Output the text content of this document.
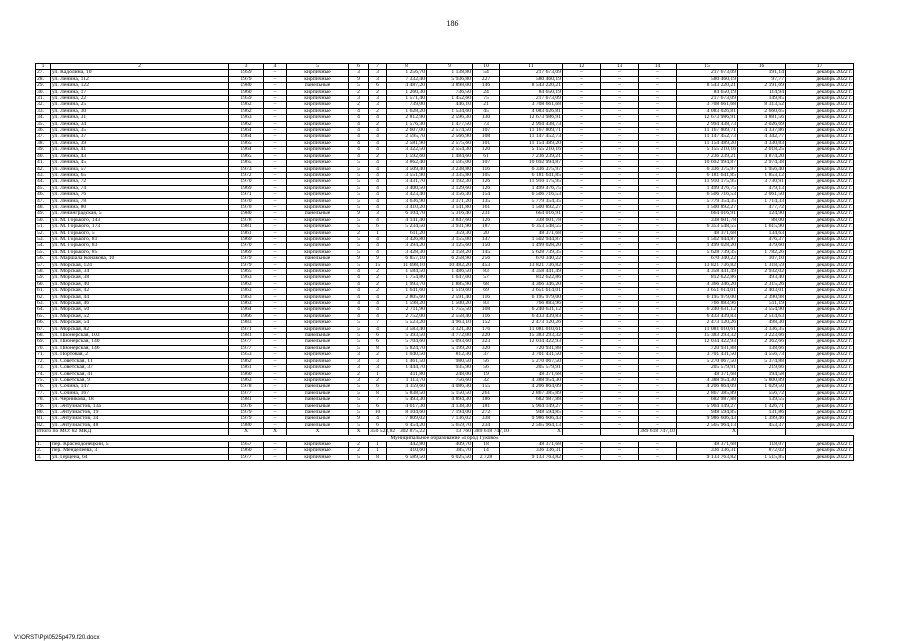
186
1	2	3	4	5	6	7	8	9	10	11	12	13	14	15	16	17
27.	ул. Кадолина, 10	1959	–	кирпичные	3	3	1 256,70	1 138,80	54	217 673,09	–	–	–	217 673,09	191,14	декабрь 2022 г.
28.	ул. Ленина, 112	1979	–	кирпичные	9	3	7 332,40	5 936,80	227	580 460,19	–	–	–	580 460,19	97,77	декабрь 2022 г.
29.	ул. Ленина, 122	1980	–	панельные	5	6	4 487,20	3 898,00	146	8 543 220,21	–	–	–	8 543 220,21	2 191,69	декабрь 2022 г.
30.	ул. Ленина, 17	1960	–	кирпичные	2	2	1 260,30	736,50	24	84 650,19	–	–	–	84 650,19	114,94	декабрь 2022 г.
31.	ул. Ленина, 22	1959	–	кирпичные	3	3	1 571,40	1 452,60	75	217 673,09	–	–	–	217 673,09	149,85	декабрь 2022 г.
32.	ул. Ленина, 25	1962	–	кирпичные	2	3	739,00	446,10	21	3 708 661,68	–	–	–	3 708 661,68	8 313,52	декабрь 2022 г.
33.	ул. Ленина, 30	1962	–	кирпичные	4	2	1 628,20	1 534,60	45	4 083 026,81	–	–	–	4 083 026,81	2 660,65	декабрь 2022 г.
34.	ул. Ленина, 31	1963	–	кирпичные	4	4	2 812,90	2 596,30	130	12 673 986,91	–	–	–	12 673 986,91	4 881,56	декабрь 2022 г.
35.	ул. Ленина, 34	1962	–	кирпичные	4	2	1 576,30	1 477,50	73	2 994 438,73	–	–	–	2 994 438,73	2 026,69	декабрь 2022 г.
36.	ул. Ленина, 35	1964	–	кирпичные	4	4	2 607,00	2 574,50	107	11 167 809,71	–	–	–	11 167 809,71	4 337,86	декабрь 2022 г.
37.	ул. Ленина, 37	1964	–	кирпичные	4	4	2 595,70	2 566,90	108	11 147 452,73	–	–	–	11 147 452,73	4 342,77	декабрь 2022 г.
38.	ул. Ленина, 39	1965	–	кирпичные	4	4	2 581,90	2 575,60	101	11 154 489,20	–	–	–	11 154 489,20	4 330,83	декабрь 2022 г.
39.	ул. Ленина, 41	1964	–	кирпичные	4	4	3 322,50	2 554,30	120	5 155 210,16	–	–	–	5 155 210,16	2 018,25	декабрь 2022 г.
40.	ул. Ленина, 43	1965	–	кирпичные	4	2	1 592,60	1 484,60	61	7 236 239,21	–	–	–	7 236 239,21	4 874,20	декабрь 2022 г.
41.	ул. Ленина, 45	1965	–	кирпичные	5	4	3 862,40	3 595,00	107	10 692 994,87	–	–	–	10 692 994,87	2 974,38	декабрь 2022 г.
42.	ул. Ленина, 57	1973	–	кирпичные	5	4	3 509,40	3 238,80	116	6 336 375,97	–	–	–	6 336 375,97	1 956,40	декабрь 2022 г.
43.	ул. Ленина, 65	1972	–	кирпичные	5	4	3 551,90	3 335,80	105	6 181 641,85	–	–	–	6 181 641,85	1 853,12	декабрь 2022 г.
44.	ул. Ленина, 72	1970	–	кирпичные	5	4	3 431,70	3 192,30	126	11 910 175,95	–	–	–	11 910 175,95	3 730,91	декабрь 2022 г.
45.	ул. Ленина, 74	1969	–	кирпичные	5	4	3 400,50	3 129,60	126	1 499 476,75	–	–	–	1 499 476,75	479,13	декабрь 2022 г.
46.	ул. Ленина, 76	1971	–	кирпичные	5	4	3 423,40	3 156,30	154	6 506 716,53	–	–	–	6 506 716,53	2 061,50	декабрь 2022 г.
47.	ул. Ленина, 78	1970	–	кирпичные	5	4	3 636,90	3 371,20	135	5 779 354,35	–	–	–	5 779 354,35	1 714,33	декабрь 2022 г.
48.	ул. Ленина, 80	1970	–	кирпичные	5	4	3 410,20	3 141,80	161	1 500 892,27	–	–	–	1 500 892,27	477,72	декабрь 2022 г.
49.	ул. Ленинградская, 5	1980	–	панельные	9	3	6 104,70	5 316,40	231	664 016,91	–	–	–	664 016,91	124,90	декабрь 2022 г.
50.	ул. М. Горького, 143	1978	–	кирпичные	5	4	4 141,40	3 847,60	126	338 601,78	–	–	–	338 601,78	88,00	декабрь 2022 г.
51.	ул. М. Горького, 173	1981	–	кирпичные	5	6	5 234,50	3 931,90	187	6 353 548,55	–	–	–	6 353 548,55	1 615,90	декабрь 2022 г.
52.	ул. М. Горького, 5	1961	–	кирпичные	2	1	611,20	359,30	20	48 371,68	–	–	–	48 371,68	134,63	декабрь 2022 г.
53.	ул. М. Горького, 81	1969	–	кирпичные	5	4	3 426,80	3 155,00	147	1 502 944,87	–	–	–	1 502 944,87	476,37	декабрь 2022 г.
54.	ул. М. Горького, 83	1970	–	кирпичные	5	4	3 394,20	3 125,60	150	1 499 028,20	–	–	–	1 499 028,20	479,60	декабрь 2022 г.
55.	ул. М. Горького, 85	1969	–	кирпичные	5	4	3 428,30	3 158,20	145	5 628 739,35	–	–	–	5 628 739,35	1 782,26	декабрь 2022 г.
56.	ул. Маршала Конакова, 10	1979	–	панельные	9	9	6 857,10	6 258,90	256	670 340,22	–	–	–	670 340,22	107,10	декабрь 2022 г.
57.	ул. Морская, 124	1979	–	кирпичные	5	15	11 698,10	10 482,20	453	13 821 736,82	–	–	–	13 821 736,82	1 318,59	декабрь 2022 г.
58.	ул. Морская, 34	1965	–	кирпичные	4	2	1 584,50	1 486,50	83	4 358 441,49	–	–	–	4 358 441,49	2 932,02	декабрь 2022 г.
59.	ул. Морская, 38	1963	–	кирпичные	4	2	1 754,80	1 647,00	57	812 622,86	–	–	–	812 622,86	493,40	декабрь 2022 г.
60.	ул. Морская, 40	1963	–	кирпичные	4	2	1 993,70	1 885,90	68	4 366 346,20	–	–	–	4 366 346,20	2 315,26	декабрь 2022 г.
61.	ул. Морская, 42	1963	–	кирпичные	4	2	1 641,60	1 519,60	69	3 651 614,01	–	–	–	3 651 614,01	2 403,01	декабрь 2022 г.
62.	ул. Морская, 44	1963	–	кирпичные	4	4	2 805,60	2 591,40	116	6 195 979,00	–	–	–	6 195 979,00	2 390,98	декабрь 2022 г.
63.	ул. Морская, 46	1963	–	кирпичные	4	4	1 598,20	1 500,20	83	766 883,96	–	–	–	766 883,96	511,19	декабрь 2022 г.
64.	ул. Морская, 50	1964	–	кирпичные	4	4	2 711,90	1 755,50	108	6 240 631,12	–	–	–	6 240 631,12	3 554,90	декабрь 2022 г.
65.	ул. Морская, 52	1966	–	кирпичные	4	4	2 752,00	2 558,40	116	6 433 439,83	–	–	–	6 433 439,83	2 514,63	декабрь 2022 г.
66.	ул. Морская, 54	1983	–	кирпичные	5	7	5 523,20	4 963,10	152	2 473 120,26	–	–	–	2 473 120,26	498,30	декабрь 2022 г.
67.	ул. Морская, 82	1971	–	кирпичные	5	4	3 583,40	3 321,30	176	11 081 010,61	–	–	–	11 081 010,61	3 336,35	декабрь 2022 г.
68.	ул. Пионерская, 103	1981	–	панельные	5	6	5 393,50	4 772,00	220	15 383 293,32	–	–	–	15 383 293,32	3 223,66	декабрь 2022 г.
69.	ул. Пионерская, 140	1977	–	панельные	5	6	5 704,60	5 093,60	323	12 034 422,93	–	–	–	12 034 422,93	2 362,66	декабрь 2022 г.
70.	ул. Пионерская, 146	1977	–	панельные	5	8	5 824,70	5 199,20	320	720 931,88	–	–	–	720 931,88	138,66	декабрь 2022 г.
71.	ул. Портовая, 2	1953	–	кирпичные	3	2	1 040,50	812,30	37	3 701 431,50	–	–	–	3 701 431,50	4 556,73	декабрь 2022 г.
72.	ул. Советская, 11	1962	–	кирпичные	3	3	1 461,50	980,50	56	5 270 067,50	–	–	–	5 270 067,50	5 374,88	декабрь 2022 г.
73.	ул. Советская, 37	1961	–	кирпичные	3	3	1 444,70	935,90	56	205 579,91	–	–	–	205 579,91	219,66	декабрь 2022 г.
74.	ул. Советская, 41	1960	–	кирпичные	2	1	411,80	248,00	19	48 371,68	–	–	–	48 371,68	194,58	декабрь 2022 г.
75.	ул. Советская, 9	1963	–	кирпичные	3	2	1 113,70	756,60	32	4 388 954,30	–	–	–	4 388 954,30	5 800,89	декабрь 2022 г.
76.	ул. Сочина, 147	1978	–	панельные	5	6	4 359,60	4 086,30	155	4 206 864,09	–	–	–	4 206 864,09	1 029,50	декабрь 2022 г.
77.	ул. Сочина, 167	1977	–	панельные	5	8	5 838,50	5 150,50	261	2 867 385,89	–	–	–	2 867 385,89	556,72	декабрь 2022 г.
78.	ул. Черникова, 18	1981	–	панельные	5	7	5 493,30	4 894,30	186	682 987,88	–	–	–	682 987,88	139,55	декабрь 2022 г.
79.	ул. Энтузиастов, 13а	1976	–	панельные	5	6	4 617,30	4 138,30	181	5 904 149,27	–	–	–	5 904 149,27	1 426,71	декабрь 2022 г.
80.	ул. Энтузиастов, 19	1979	–	панельные	5	10	8 104,60	7 194,00	272	948 594,85	–	–	–	948 594,85	131,86	декабрь 2022 г.
81.	ул. Энтузиастов, 34	1979	–	панельные	9	4	7 809,02	7 136,02	338	9 986 606,43	–	–	–	9 986 606,43	1 399,46	декабрь 2022 г.
82.	ул. Энтузиастов, 48	1980	–	панельные	5	6	6 454,20	5 659,70	234	2 565 964,13	–	–	–	2 565 964,13	453,37	декабрь 2022 г.
Итого по МО: 82 МКД		Х	Х	Х	Х	350 522,82	302 875,22	13 760	389 618 747,10	Х			389 618 747,10	Х		
Муниципальное образование «Город Гуково»																
1.	пер. Краснодонецкий, 5	1957	–	кирпичные	2	1	442,80	409,70	18	48 371,68	–	–	–	48 371,68	118,07	декабрь 2022 г.
2.	пер. Менделеева, 3	1960	–	кирпичные	2	1	410,60	385,70	14	336 336,31	–	–	–	336 336,31	872,02	декабрь 2022 г.
3.	ул. Герцена, 64	1977	–	кирпичные	5	8	6 589,50	6 025,50	2 728	9 133 763,82	–	–	–	9 133 763,82	1 515,85	декабрь 2022 г.
V:\ORST\Pp\0525p479.f20.docx
